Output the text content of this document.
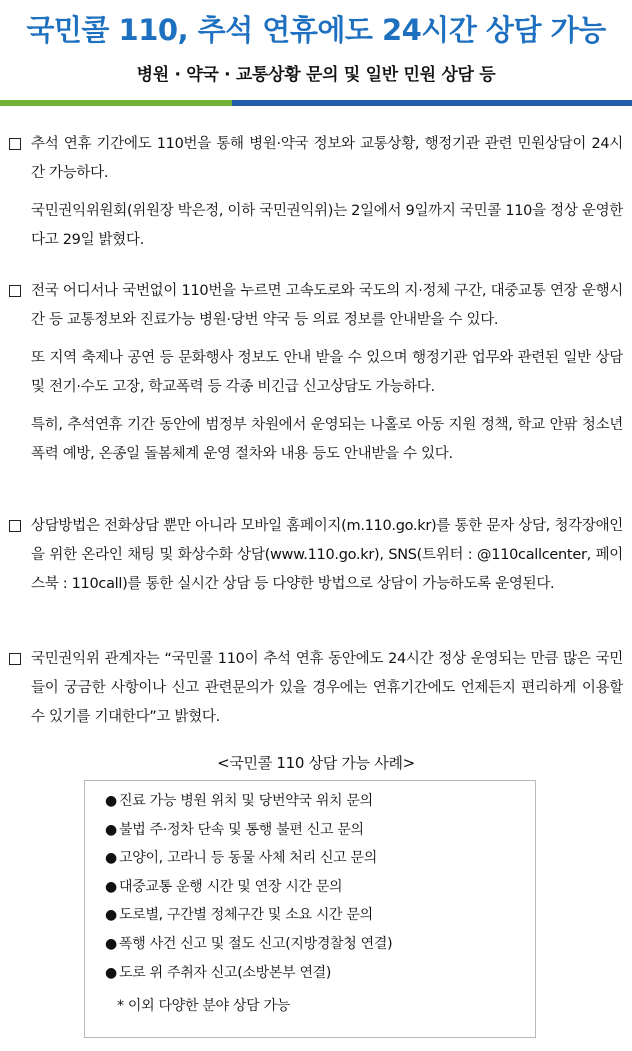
국민콜 110, 추석 연휴에도 24시간 상담 가능
병원 · 약국 · 교통상황 문의 및 일반 민원 상담 등
추석 연휴 기간에도 110번을 통해 병원·약국 정보와 교통상황, 행정기관 관련 민원상담이 24시간 가능하다.
국민권익위원회(위원장 박은정, 이하 국민권익위)는 2일에서 9일까지 국민콜 110을 정상 운영한다고 29일 밝혔다.
전국 어디서나 국번없이 110번을 누르면 고속도로와 국도의 지·정체 구간, 대중교통 연장 운행시간 등 교통정보와 진료가능 병원·당번 약국 등 의료 정보를 안내받을 수 있다.
또 지역 축제나 공연 등 문화행사 정보도 안내 받을 수 있으며 행정기관 업무와 관련된 일반 상담 및 전기·수도 고장, 학교폭력 등 각종 비긴급 신고상담도 가능하다.
특히, 추석연휴 기간 동안에 범정부 차원에서 운영되는 나홀로 아동 지원 정책, 학교 안팎 청소년 폭력 예방, 온종일 돌봄체계 운영 절차와 내용 등도 안내받을 수 있다.
상담방법은 전화상담 뿐만 아니라 모바일 홈페이지(m.110.go.kr)를 통한 문자 상담, 청각장애인을 위한 온라인 채팅 및 화상수화 상담(www.110.go.kr), SNS(트위터 : @110callcenter, 페이스북 : 110call)를 통한 실시간 상담 등 다양한 방법으로 상담이 가능하도록 운영된다.
국민권익위 관계자는 “국민콜 110이 추석 연휴 동안에도 24시간 정상 운영되는 만큼 많은 국민들이 궁금한 사항이나 신고 관련문의가 있을 경우에는 연휴기간에도 언제든지 편리하게 이용할 수 있기를 기대한다”고 밝혔다.
<국민콜 110 상담 가능 사례>
● 진료 가능 병원 위치 및 당번약국 위치 문의
● 불법 주·정차 단속 및 통행 불편 신고 문의
● 고양이, 고라니 등 동물 사체 처리 신고 문의
● 대중교통 운행 시간 및 연장 시간 문의
● 도로별, 구간별 정체구간 및 소요 시간 문의
● 폭행 사건 신고 및 절도 신고(지방경찰청 연결)
● 도로 위 주취자 신고(소방본부 연결)
* 이외 다양한 분야 상담 가능
